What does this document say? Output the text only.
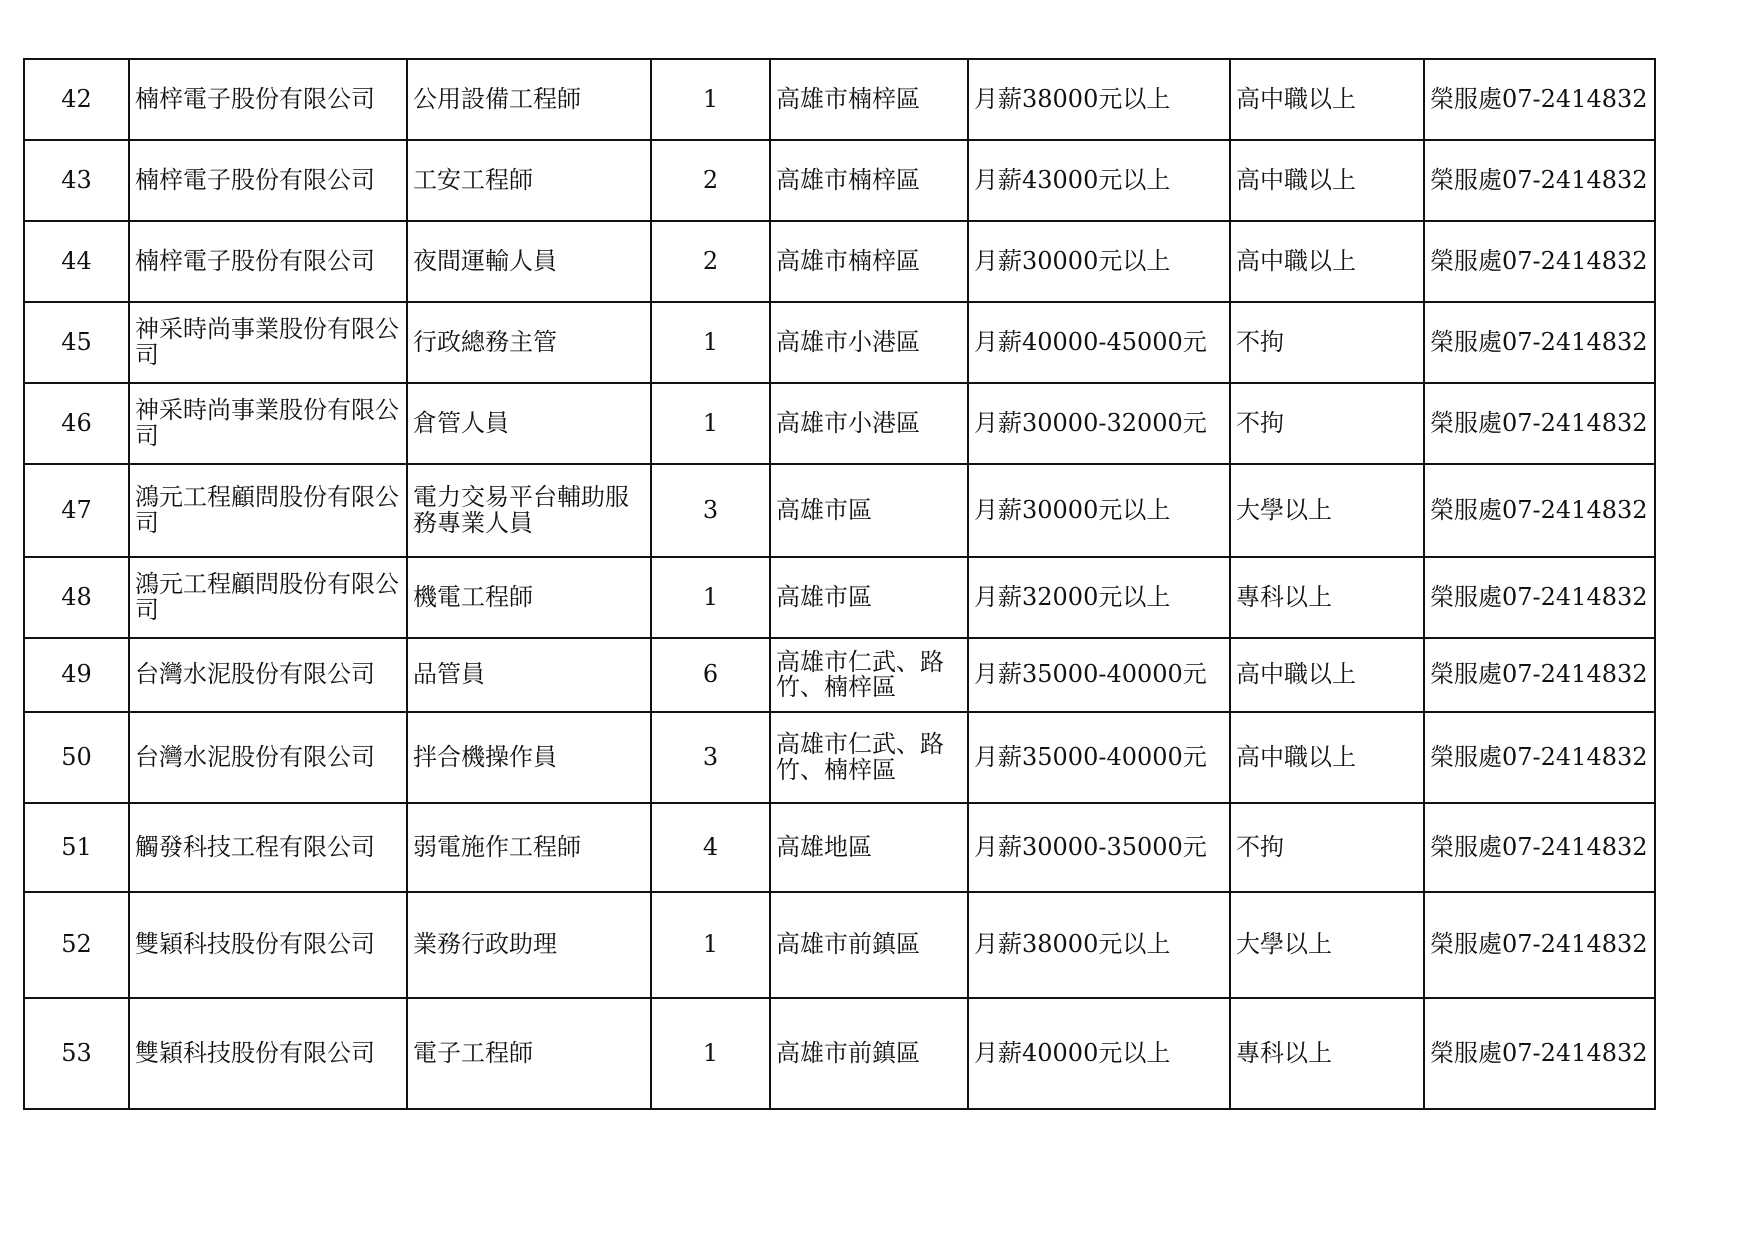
42	楠梓電子股份有限公司	公用設備工程師	1	高雄市楠梓區	月薪38000元以上	高中職以上	榮服處07-2414832
43	楠梓電子股份有限公司	工安工程師	2	高雄市楠梓區	月薪43000元以上	高中職以上	榮服處07-2414832
44	楠梓電子股份有限公司	夜間運輸人員	2	高雄市楠梓區	月薪30000元以上	高中職以上	榮服處07-2414832
45	神采時尚事業股份有限公司	行政總務主管	1	高雄市小港區	月薪40000-45000元	不拘	榮服處07-2414832
46	神采時尚事業股份有限公司	倉管人員	1	高雄市小港區	月薪30000-32000元	不拘	榮服處07-2414832
47	鴻元工程顧問股份有限公司	電力交易平台輔助服務專業人員	3	高雄市區	月薪30000元以上	大學以上	榮服處07-2414832
48	鴻元工程顧問股份有限公司	機電工程師	1	高雄市區	月薪32000元以上	專科以上	榮服處07-2414832
49	台灣水泥股份有限公司	品管員	6	高雄市仁武、路竹、楠梓區	月薪35000-40000元	高中職以上	榮服處07-2414832
50	台灣水泥股份有限公司	拌合機操作員	3	高雄市仁武、路竹、楠梓區	月薪35000-40000元	高中職以上	榮服處07-2414832
51	觸發科技工程有限公司	弱電施作工程師	4	高雄地區	月薪30000-35000元	不拘	榮服處07-2414832
52	雙穎科技股份有限公司	業務行政助理	1	高雄市前鎮區	月薪38000元以上	大學以上	榮服處07-2414832
53	雙穎科技股份有限公司	電子工程師	1	高雄市前鎮區	月薪40000元以上	專科以上	榮服處07-2414832
